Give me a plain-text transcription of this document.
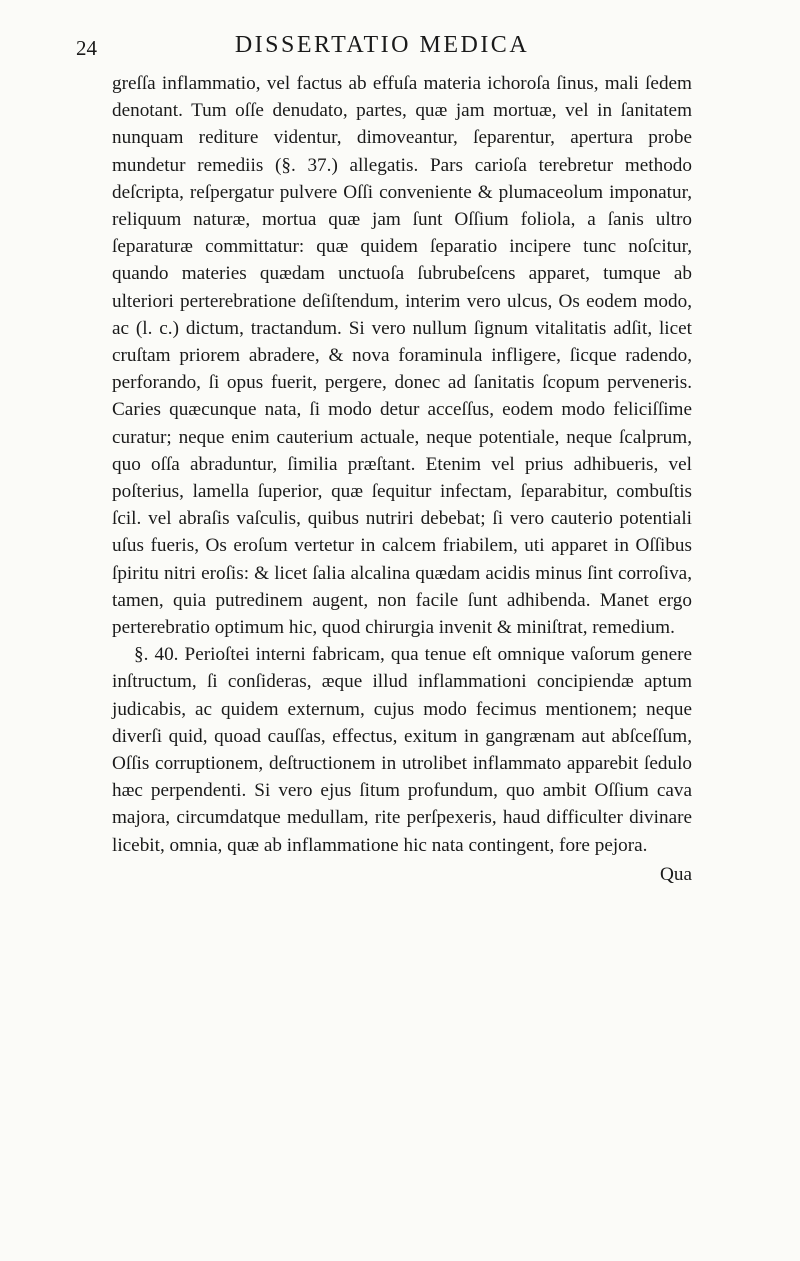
24	DISSERTATIO MEDICA

greſſa inflammatio, vel factus ab effuſa materia ichoroſa ſinus, mali ſedem denotant. Tum oſſe denudato, partes, quæ jam mortuæ, vel in ſanitatem nunquam rediture videntur, dimoveantur, ſeparentur, apertura probe mundetur remediis (§. 37.) allegatis. Pars carioſa terebretur methodo deſcripta, reſpergatur pulvere Oſſi convenientе & plumaceolum imponatur, reliquum naturæ, mortua quæ jam ſunt Oſſium foliola, a ſanis ultro ſeparaturæ committatur: quæ quidem ſeparatio incipere tunc noſcitur, quando materies quædam unctuoſa ſubrubeſcens apparet, tumque ab ulteriori perterebratione deſiſtendum, interim vero ulcus, Os eodem modo, ac (l. c.) dictum, tractandum. Si vero nullum ſignum vitalitatis adſit, licet cruſtam priorem abradere, & nova foraminula infligere, ſicque radendo, perforando, ſi opus fuerit, pergere, donec ad ſanitatis ſcopum perveneris. Caries quæcunque nata, ſi modo detur acceſſus, eodem modo feliciſſime curatur; neque enim cauterium actuale, neque potentiale, neque ſcalprum, quo oſſa abraduntur, ſimilia præſtant. Etenim vel prius adhibueris, vel poſterius, lamella ſuperior, quæ ſequitur infectam, ſeparabitur, combuſtis ſcil. vel abraſis vaſculis, quibus nutriri debebat; ſi vero cauterio potentiali uſus fueris, Os eroſum vertetur in calcem friabilem, uti apparet in Oſſibus ſpiritu nitri eroſis: & licet ſalia alcalina quædam acidis minus ſint corroſiva, tamen, quia putredinem augent, non facile ſunt adhibenda. Manet ergo perterebratio optimum hic, quod chirurgia invenit & miniſtrat, remedium.

§. 40. Perioſtei interni fabricam, qua tenue eſt omnique vaſorum genere inſtructum, ſi conſideras, æque illud inflammationi concipiendæ aptum judicabis, ac quidem externum, cujus modo fecimus mentionem; neque diverſi quid, quoad cauſſas, effectus, exitum in gangrænam aut abſceſſum, Oſſis corruptionem, deſtructionem in utrolibet inflammato apparebit ſedulo hæc perpendenti. Si vero ejus ſitum profundum, quo ambit Oſſium cava majora, circumdatque medullam, rite perſpexeris, haud difficulter divinare licebit, omnia, quæ ab inflammatione hic nata contingent, fore pejora.

Qua
